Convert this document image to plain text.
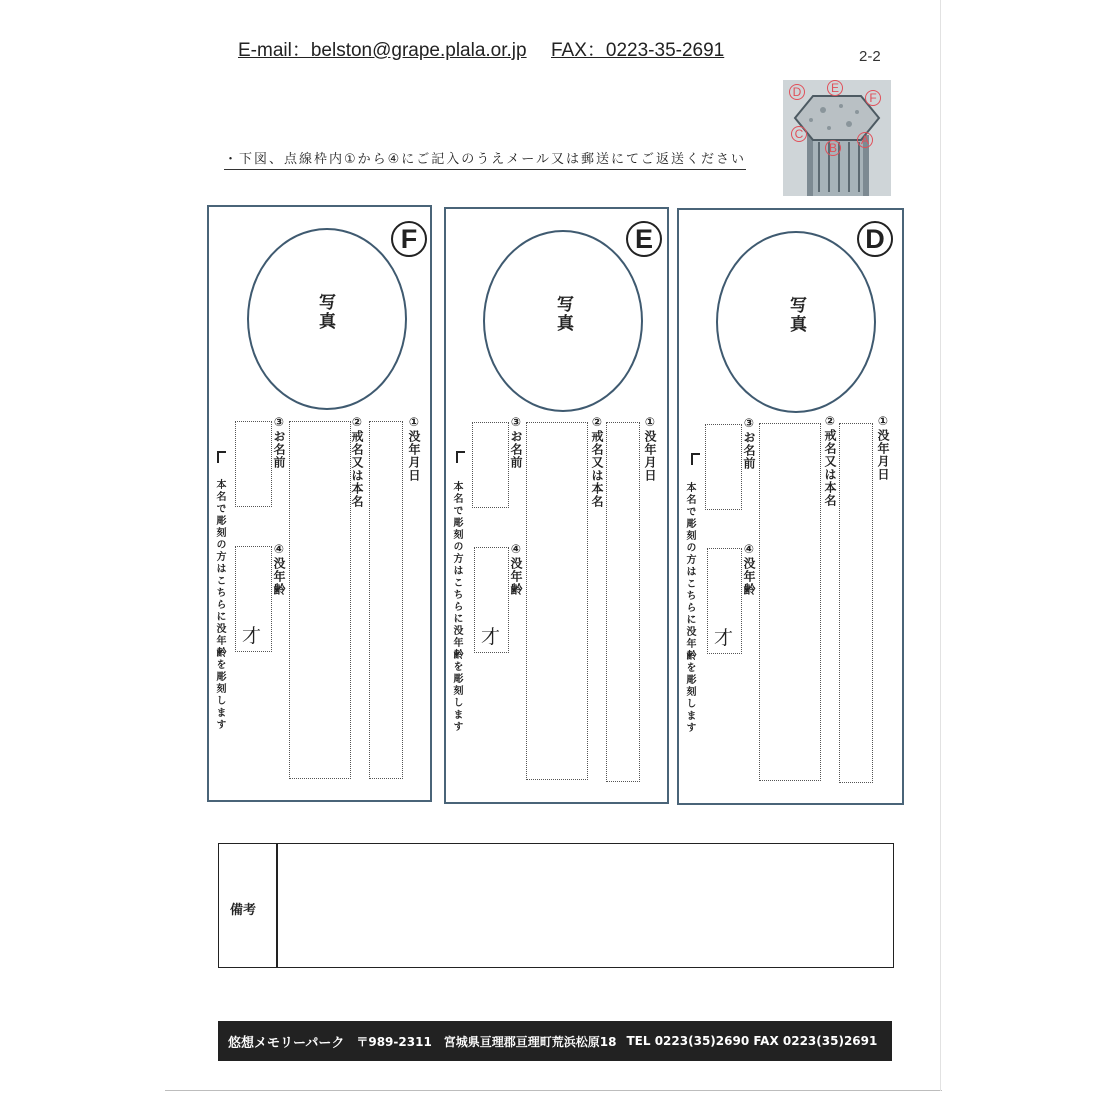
E-mail：belston@grape.plala.or.jp FAX：0223-35-2691	2-2
・下図、点線枠内①から④にご記入のうえメール又は郵送にてご返送ください
D	E
F
C
B
A
F
写真
①没年月日
②戒名又は本名
③お名前
④没年齢
才
本名で彫刻の方はこちらに没年齢を彫刻します
E
写真
①没年月日
②戒名又は本名
③お名前
④没年齢
才
本名で彫刻の方はこちらに没年齢を彫刻します
D
写真
①没年月日
②戒名又は本名
③お名前
④没年齢
才
本名で彫刻の方はこちらに没年齢を彫刻します
備考
悠想メモリーパーク 〒989-2311　宮城県亘理郡亘理町荒浜松原18 TEL 0223(35)2690 FAX 0223(35)2691
